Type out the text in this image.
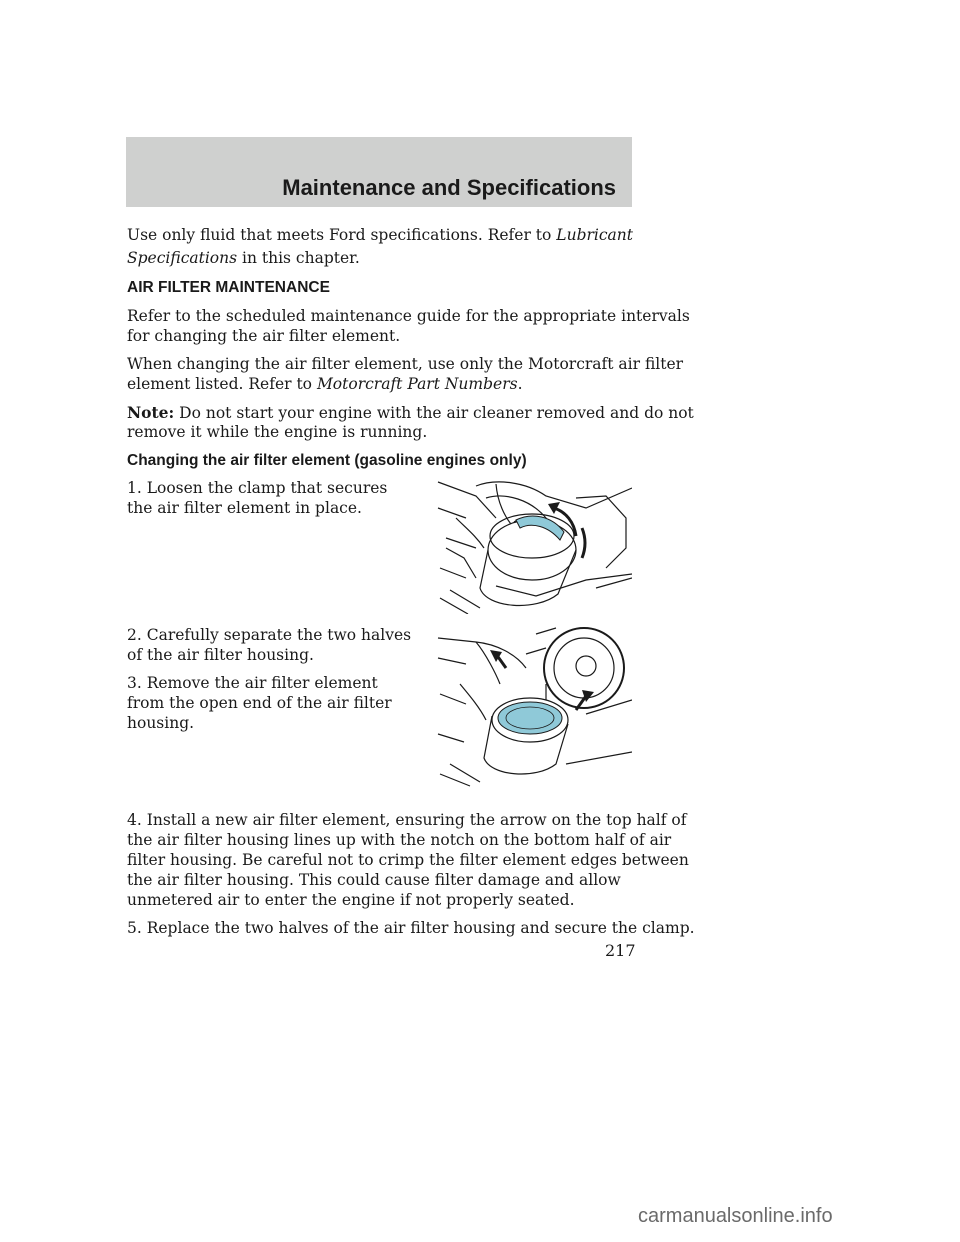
Maintenance and Specifications
Use only fluid that meets Ford specifications. Refer to Lubricant
Specifications in this chapter.
AIR FILTER MAINTENANCE
Refer to the scheduled maintenance guide for the appropriate intervals
for changing the air filter element.
When changing the air filter element, use only the Motorcraft air filter
element listed. Refer to Motorcraft Part Numbers.
Note: Do not start your engine with the air cleaner removed and do not
remove it while the engine is running.
Changing the air filter element (gasoline engines only)
1. Loosen the clamp that secures
the air filter element in place.
2. Carefully separate the two halves
of the air filter housing.
3. Remove the air filter element
from the open end of the air filter
housing.
4. Install a new air filter element, ensuring the arrow on the top half of
the air filter housing lines up with the notch on the bottom half of air
filter housing. Be careful not to crimp the filter element edges between
the air filter housing. This could cause filter damage and allow
unmetered air to enter the engine if not properly seated.
5. Replace the two halves of the air filter housing and secure the clamp.
217
carmanualsonline.info
